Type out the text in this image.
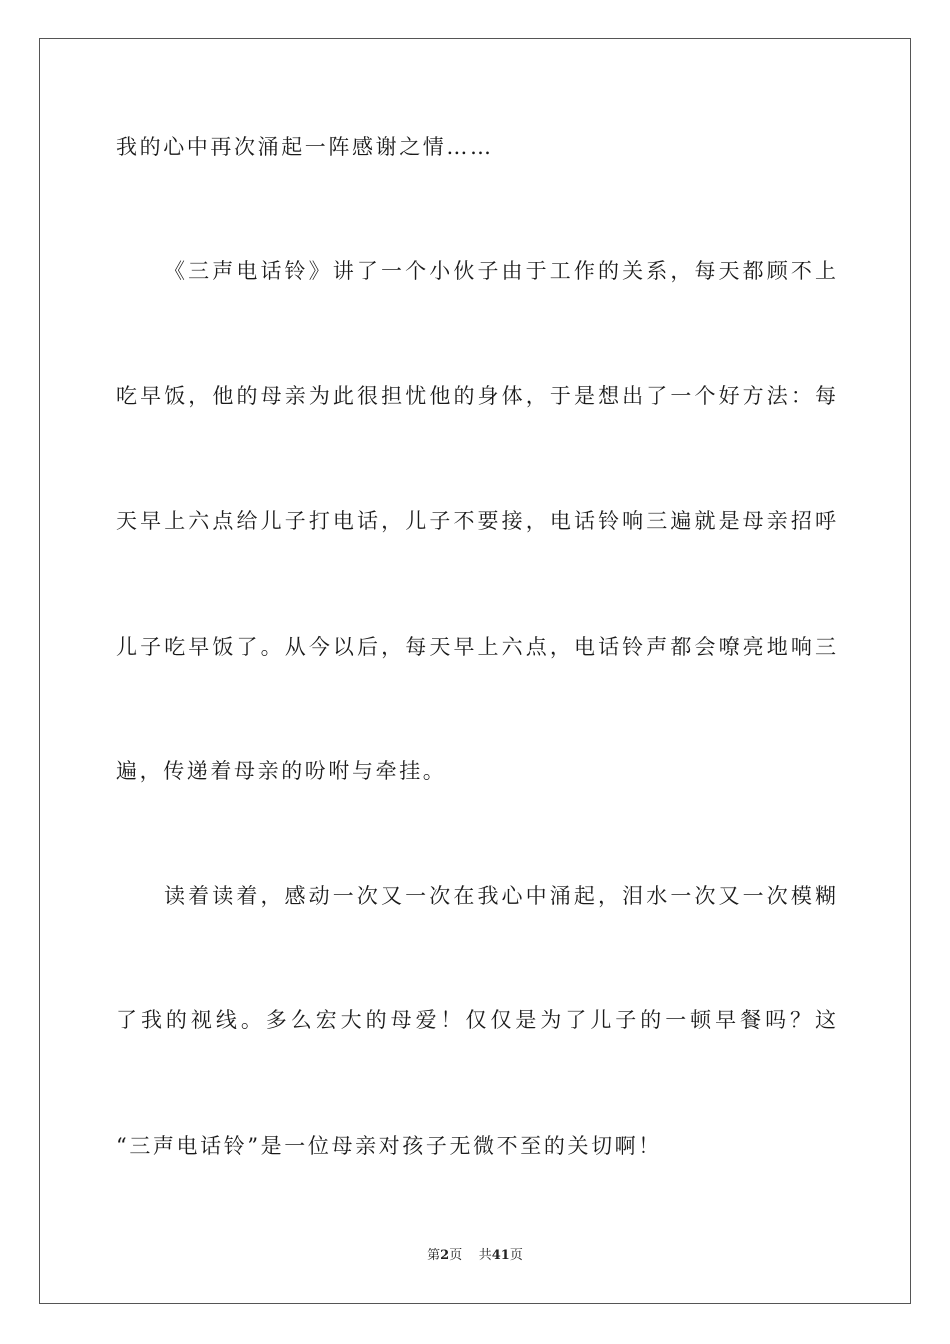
我的心中再次涌起一阵感谢之情……
《三声电话铃》讲了一个小伙子由于工作的关系，每天都顾不上
吃早饭，他的母亲为此很担忧他的身体，于是想出了一个好方法：每
天早上六点给儿子打电话，儿子不要接，电话铃响三遍就是母亲招呼
儿子吃早饭了。从今以后，每天早上六点，电话铃声都会嘹亮地响三
遍，传递着母亲的吩咐与牵挂。
读着读着，感动一次又一次在我心中涌起，泪水一次又一次模糊
了我的视线。多么宏大的母爱！仅仅是为了儿子的一顿早餐吗？这
“三声电话铃”是一位母亲对孩子无微不至的关切啊！
第2页 共41页
